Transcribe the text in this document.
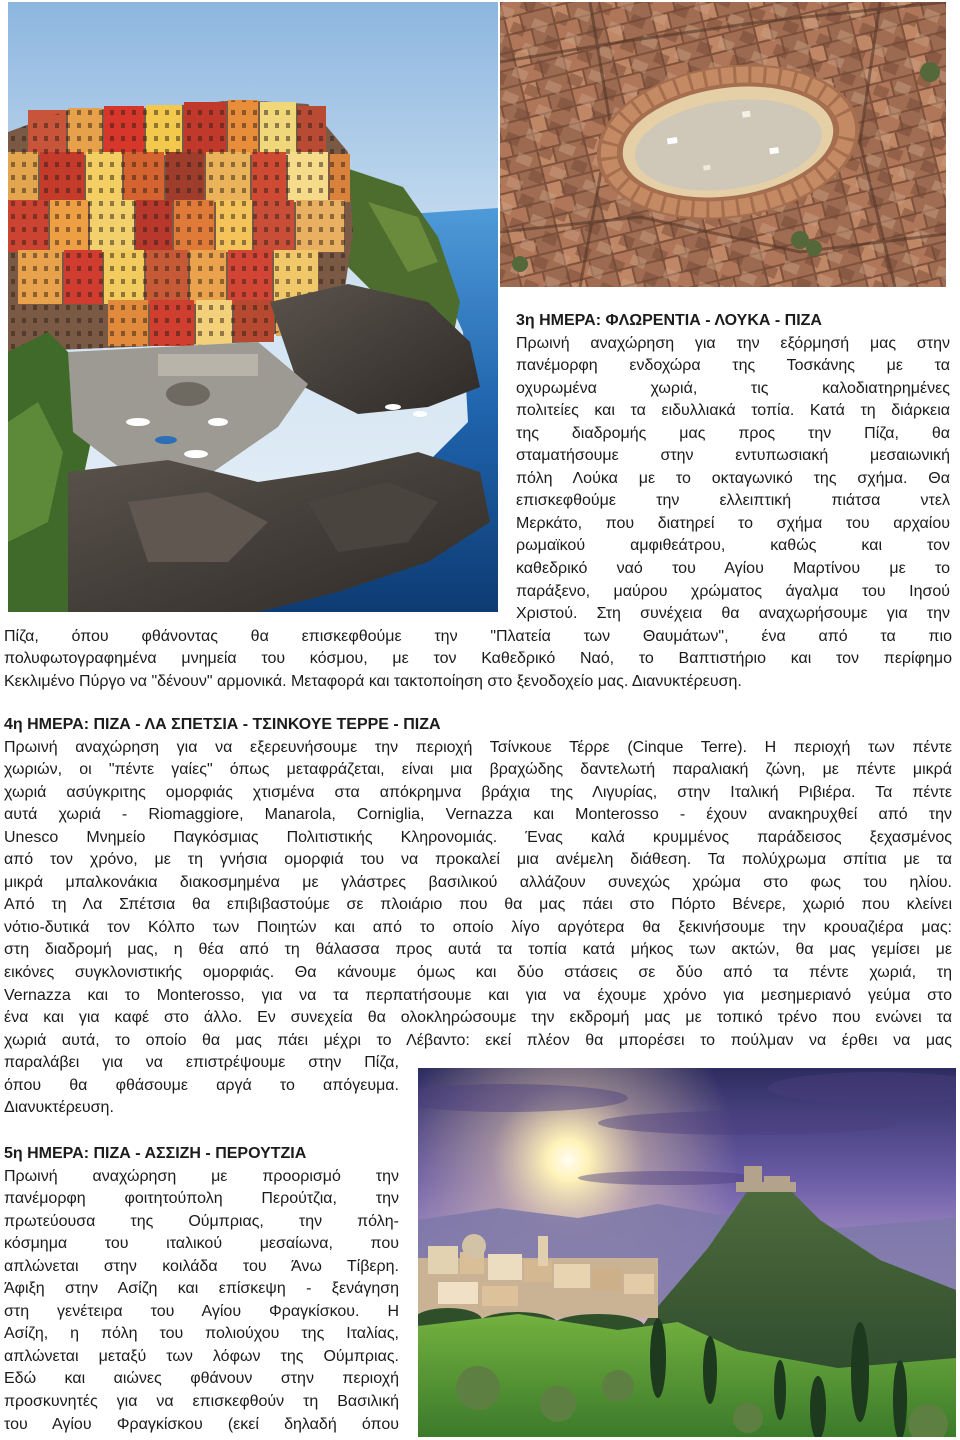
3η ΗΜΕΡΑ: ΦΛΩΡΕΝΤΙΑ - ΛΟΥΚΑ - ΠΙΖΑ
Πρωινή αναχώρηση για την εξόρμησή μας στην
πανέμορφη ενδοχώρα της Τοσκάνης με τα
οχυρωμένα χωριά, τις καλοδιατηρημένες
πολιτείες και τα ειδυλλιακά τοπία. Κατά τη διάρκεια
της διαδρομής μας προς την Πίζα, θα
σταματήσουμε στην εντυπωσιακή μεσαιωνική
πόλη Λούκα με το οκταγωνικό της σχήμα. Θα
επισκεφθούμε την ελλειπτική πιάτσα ντελ
Μερκάτο, που διατηρεί το σχήμα του αρχαίου
ρωμαϊκού αμφιθεάτρου, καθώς και τον
καθεδρικό ναό του Αγίου Μαρτίνου με το
παράξενο, μαύρου χρώματος άγαλμα του Ιησού
Χριστού. Στη συνέχεια θα αναχωρήσουμε για την
Πίζα, όπου φθάνοντας θα επισκεφθούμε την "Πλατεία των Θαυμάτων", ένα από τα πιο
πολυφωτογραφημένα μνημεία του κόσμου, με τον Καθεδρικό Ναό, το Βαπτιστήριο και τον περίφημο
Κεκλιμένο Πύργο να "δένουν" αρμονικά. Μεταφορά και τακτοποίηση στο ξενοδοχείο μας. Διανυκτέρευση.
4η ΗΜΕΡΑ: ΠΙΖΑ - ΛΑ ΣΠΕΤΣΙΑ - ΤΣΙΝΚΟΥΕ ΤΕΡΡΕ - ΠΙΖΑ
Πρωινή αναχώρηση για να εξερευνήσουμε την περιοχή Τσίνκουε Τέρρε (Cinque Terre). Η περιοχή των πέντε
χωριών, οι "πέντε γαίες" όπως μεταφράζεται, είναι μια βραχώδης δαντελωτή παραλιακή ζώνη, με πέντε μικρά
χωριά ασύγκριτης ομορφιάς χτισμένα στα απόκρημνα βράχια της Λιγυρίας, στην Ιταλική Ριβιέρα. Τα πέντε
αυτά χωριά - Riomaggiore, Manarola, Corniglia, Vernazza και Monterosso - έχουν ανακηρυχθεί από την
Unesco Μνημείο Παγκόσμιας Πολιτιστικής Κληρονομιάς. Ένας καλά κρυμμένος παράδεισος ξεχασμένος
από τον χρόνο, με τη γνήσια ομορφιά του να προκαλεί μια ανέμελη διάθεση. Τα πολύχρωμα σπίτια με τα
μικρά μπαλκονάκια διακοσμημένα με γλάστρες βασιλικού αλλάζουν συνεχώς χρώμα στο φως του ηλίου.
Από τη Λα Σπέτσια θα επιβιβαστούμε σε πλοιάριο που θα μας πάει στο Πόρτο Βένερε, χωριό που κλείνει
νότιο-δυτικά τον Κόλπο των Ποιητών και από το οποίο λίγο αργότερα θα ξεκινήσουμε την κρουαζιέρα μας:
στη διαδρομή μας, η θέα από τη θάλασσα προς αυτά τα τοπία κατά μήκος των ακτών, θα μας γεμίσει με
εικόνες συγκλονιστικής ομορφιάς. Θα κάνουμε όμως και δύο στάσεις σε δύο από τα πέντε χωριά, τη
Vernazza και το Monterosso, για να τα περπατήσουμε και για να έχουμε χρόνο για μεσημεριανό γεύμα στο
ένα και για καφέ στο άλλο. Εν συνεχεία θα ολοκληρώσουμε την εκδρομή μας με τοπικό τρένο που ενώνει τα
χωριά αυτά, το οποίο θα μας πάει μέχρι το Λέβαντο: εκεί πλέον θα μπορέσει το πούλμαν να έρθει να μας
παραλάβει για να επιστρέψουμε στην Πίζα,
όπου θα φθάσουμε αργά το απόγευμα.
Διανυκτέρευση.
5η ΗΜΕΡΑ: ΠΙΖΑ - ΑΣΣΙΖΗ - ΠΕΡΟΥΤΖΙΑ
Πρωινή αναχώρηση με προορισμό την
πανέμορφη φοιτητούπολη Περούτζια, την
πρωτεύουσα της Ούμπριας, την πόλη-
κόσμημα του ιταλικού μεσαίωνα, που
απλώνεται στην κοιλάδα του Άνω Τίβερη.
Άφιξη στην Ασίζη και επίσκεψη - ξενάγηση
στη γενέτειρα του Αγίου Φραγκίσκου. Η
Ασίζη, η πόλη του πολιούχου της Ιταλίας,
απλώνεται μεταξύ των λόφων της Ούμπριας.
Εδώ και αιώνες φθάνουν στην περιοχή
προσκυνητές για να επισκεφθούν τη Βασιλική
του Αγίου Φραγκίσκου (εκεί δηλαδή όπου
